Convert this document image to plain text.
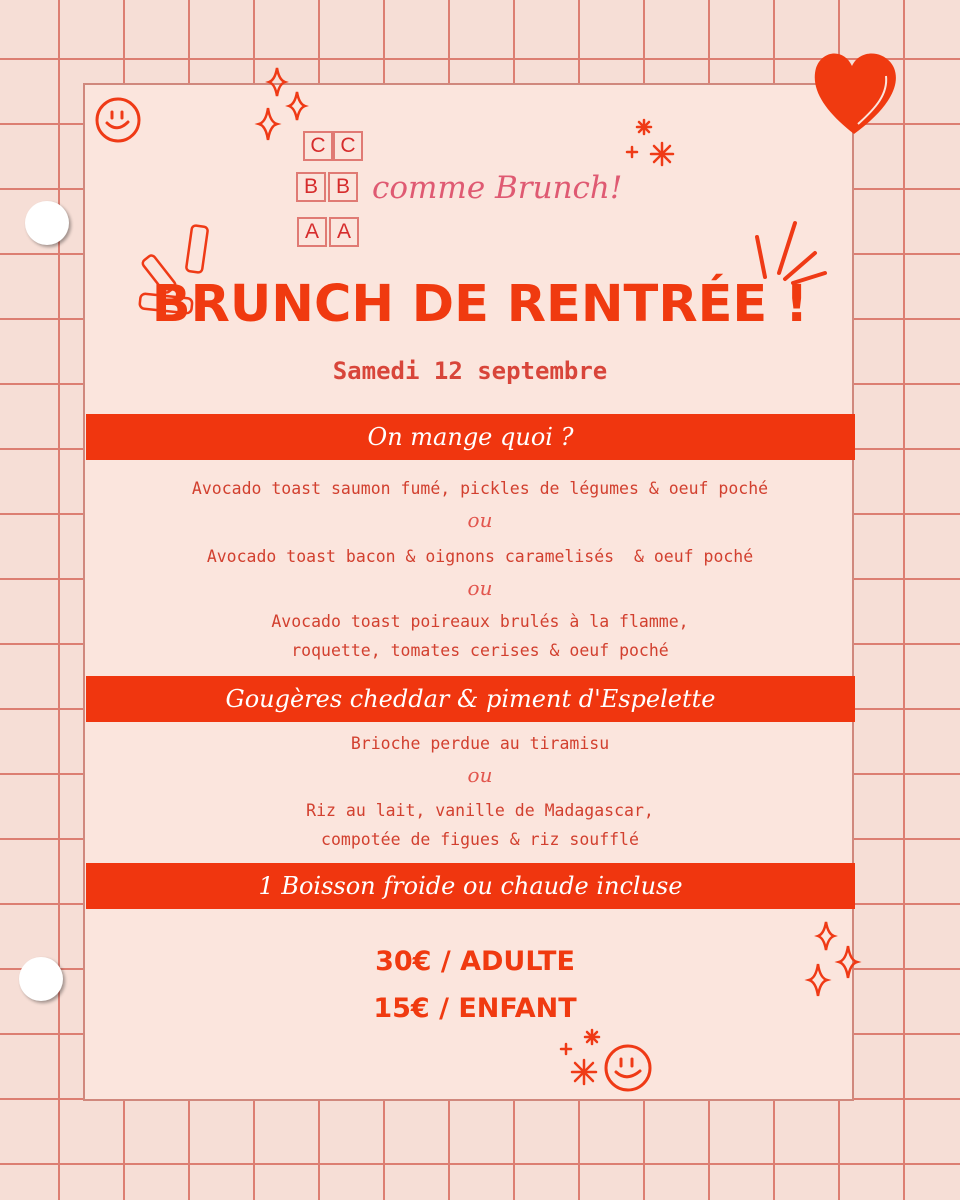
C C
B B
A A
comme Brunch!
BRUNCH DE RENTRÉE !
Samedi 12 septembre
On mange quoi ?
Avocado toast saumon fumé, pickles de légumes & oeuf poché
ou
Avocado toast bacon & oignons caramelisés  & oeuf poché
ou
Avocado toast poireaux brulés à la flamme,
roquette, tomates cerises & oeuf poché
Gougères cheddar & piment d'Espelette
Brioche perdue au tiramisu
ou
Riz au lait, vanille de Madagascar,
compotée de figues & riz soufflé
1 Boisson froide ou chaude incluse
30€ / ADULTE
15€ / ENFANT
